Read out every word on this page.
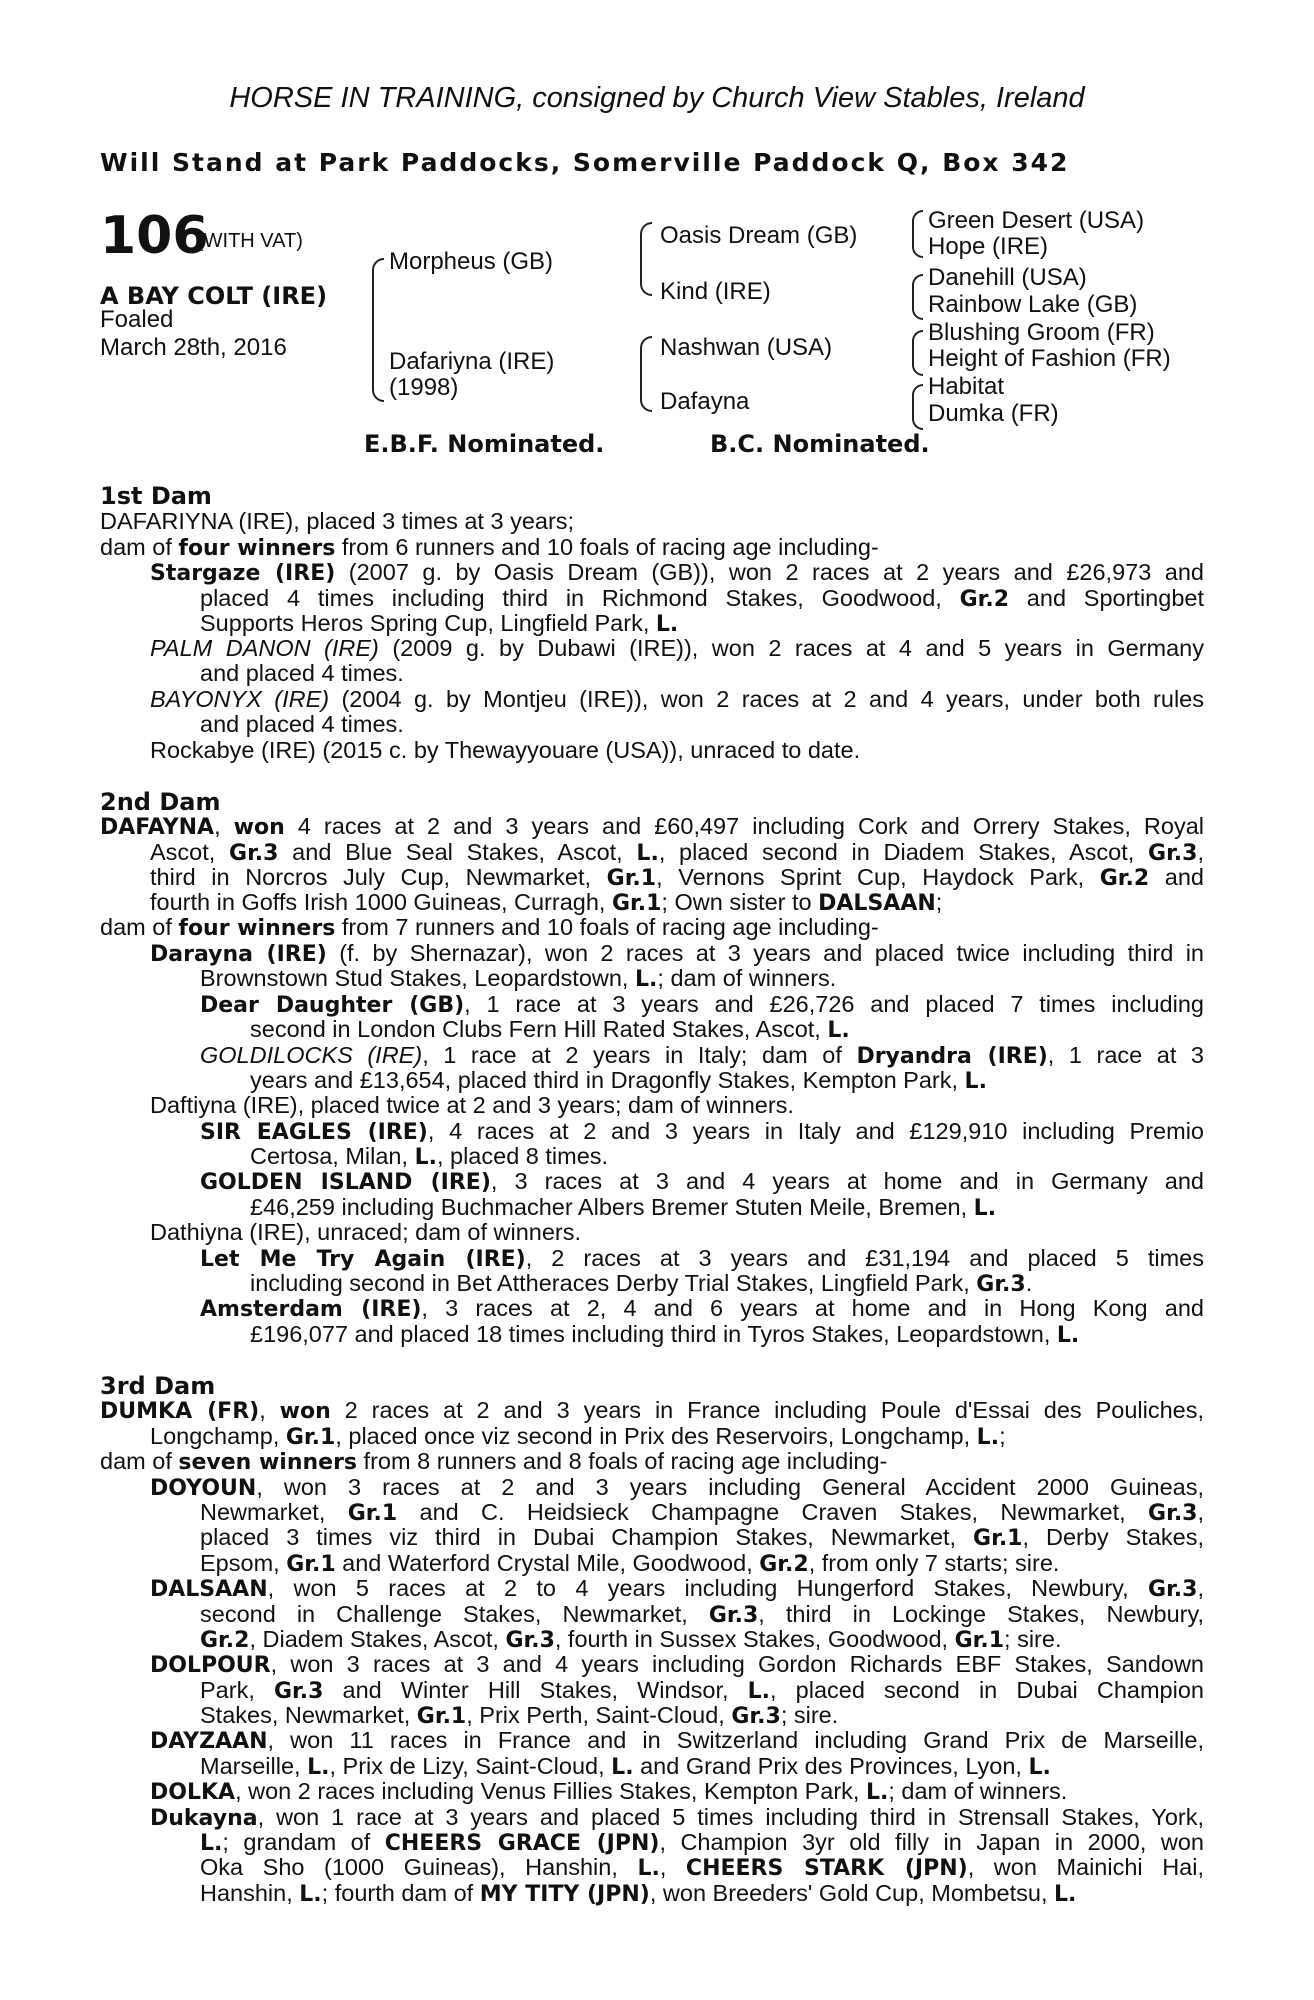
HORSE IN TRAINING, consigned by Church View Stables, Ireland
Will Stand at Park Paddocks, Somerville Paddock Q, Box 342
106
(WITH VAT)
A BAY COLT (IRE)
Foaled
March 28th, 2016
Morpheus (GB)
Dafariyna (IRE)
(1998)
Oasis Dream (GB)
Kind (IRE)
Nashwan (USA)
Dafayna
Green Desert (USA)
Hope (IRE)
Danehill (USA)
Rainbow Lake (GB)
Blushing Groom (FR)
Height of Fashion (FR)
Habitat
Dumka (FR)
E.B.F. Nominated.	B.C. Nominated.
1st Dam
DAFARIYNA (IRE), placed 3 times at 3 years;
dam of four winners from 6 runners and 10 foals of racing age including-
Stargaze (IRE) (2007 g. by Oasis Dream (GB)), won 2 races at 2 years and £26,973 and
placed 4 times including third in Richmond Stakes, Goodwood, Gr.2 and Sportingbet
Supports Heros Spring Cup, Lingfield Park, L.
PALM DANON (IRE) (2009 g. by Dubawi (IRE)), won 2 races at 4 and 5 years in Germany
and placed 4 times.
BAYONYX (IRE) (2004 g. by Montjeu (IRE)), won 2 races at 2 and 4 years, under both rules
and placed 4 times.
Rockabye (IRE) (2015 c. by Thewayyouare (USA)), unraced to date.
2nd Dam
DAFAYNA, won 4 races at 2 and 3 years and £60,497 including Cork and Orrery Stakes, Royal
Ascot, Gr.3 and Blue Seal Stakes, Ascot, L., placed second in Diadem Stakes, Ascot, Gr.3,
third in Norcros July Cup, Newmarket, Gr.1, Vernons Sprint Cup, Haydock Park, Gr.2 and
fourth in Goffs Irish 1000 Guineas, Curragh, Gr.1; Own sister to DALSAAN;
dam of four winners from 7 runners and 10 foals of racing age including-
Darayna (IRE) (f. by Shernazar), won 2 races at 3 years and placed twice including third in
Brownstown Stud Stakes, Leopardstown, L.; dam of winners.
Dear Daughter (GB), 1 race at 3 years and £26,726 and placed 7 times including
second in London Clubs Fern Hill Rated Stakes, Ascot, L.
GOLDILOCKS (IRE), 1 race at 2 years in Italy; dam of Dryandra (IRE), 1 race at 3
years and £13,654, placed third in Dragonfly Stakes, Kempton Park, L.
Daftiyna (IRE), placed twice at 2 and 3 years; dam of winners.
SIR EAGLES (IRE), 4 races at 2 and 3 years in Italy and £129,910 including Premio
Certosa, Milan, L., placed 8 times.
GOLDEN ISLAND (IRE), 3 races at 3 and 4 years at home and in Germany and
£46,259 including Buchmacher Albers Bremer Stuten Meile, Bremen, L.
Dathiyna (IRE), unraced; dam of winners.
Let Me Try Again (IRE), 2 races at 3 years and £31,194 and placed 5 times
including second in Bet Attheraces Derby Trial Stakes, Lingfield Park, Gr.3.
Amsterdam (IRE), 3 races at 2, 4 and 6 years at home and in Hong Kong and
£196,077 and placed 18 times including third in Tyros Stakes, Leopardstown, L.
3rd Dam
DUMKA (FR), won 2 races at 2 and 3 years in France including Poule d'Essai des Pouliches,
Longchamp, Gr.1, placed once viz second in Prix des Reservoirs, Longchamp, L.;
dam of seven winners from 8 runners and 8 foals of racing age including-
DOYOUN, won 3 races at 2 and 3 years including General Accident 2000 Guineas,
Newmarket, Gr.1 and C. Heidsieck Champagne Craven Stakes, Newmarket, Gr.3,
placed 3 times viz third in Dubai Champion Stakes, Newmarket, Gr.1, Derby Stakes,
Epsom, Gr.1 and Waterford Crystal Mile, Goodwood, Gr.2, from only 7 starts; sire.
DALSAAN, won 5 races at 2 to 4 years including Hungerford Stakes, Newbury, Gr.3,
second in Challenge Stakes, Newmarket, Gr.3, third in Lockinge Stakes, Newbury,
Gr.2, Diadem Stakes, Ascot, Gr.3, fourth in Sussex Stakes, Goodwood, Gr.1; sire.
DOLPOUR, won 3 races at 3 and 4 years including Gordon Richards EBF Stakes, Sandown
Park, Gr.3 and Winter Hill Stakes, Windsor, L., placed second in Dubai Champion
Stakes, Newmarket, Gr.1, Prix Perth, Saint-Cloud, Gr.3; sire.
DAYZAAN, won 11 races in France and in Switzerland including Grand Prix de Marseille,
Marseille, L., Prix de Lizy, Saint-Cloud, L. and Grand Prix des Provinces, Lyon, L.
DOLKA, won 2 races including Venus Fillies Stakes, Kempton Park, L.; dam of winners.
Dukayna, won 1 race at 3 years and placed 5 times including third in Strensall Stakes, York,
L.; grandam of CHEERS GRACE (JPN), Champion 3yr old filly in Japan in 2000, won
Oka Sho (1000 Guineas), Hanshin, L., CHEERS STARK (JPN), won Mainichi Hai,
Hanshin, L.; fourth dam of MY TITY (JPN), won Breeders' Gold Cup, Mombetsu, L.
